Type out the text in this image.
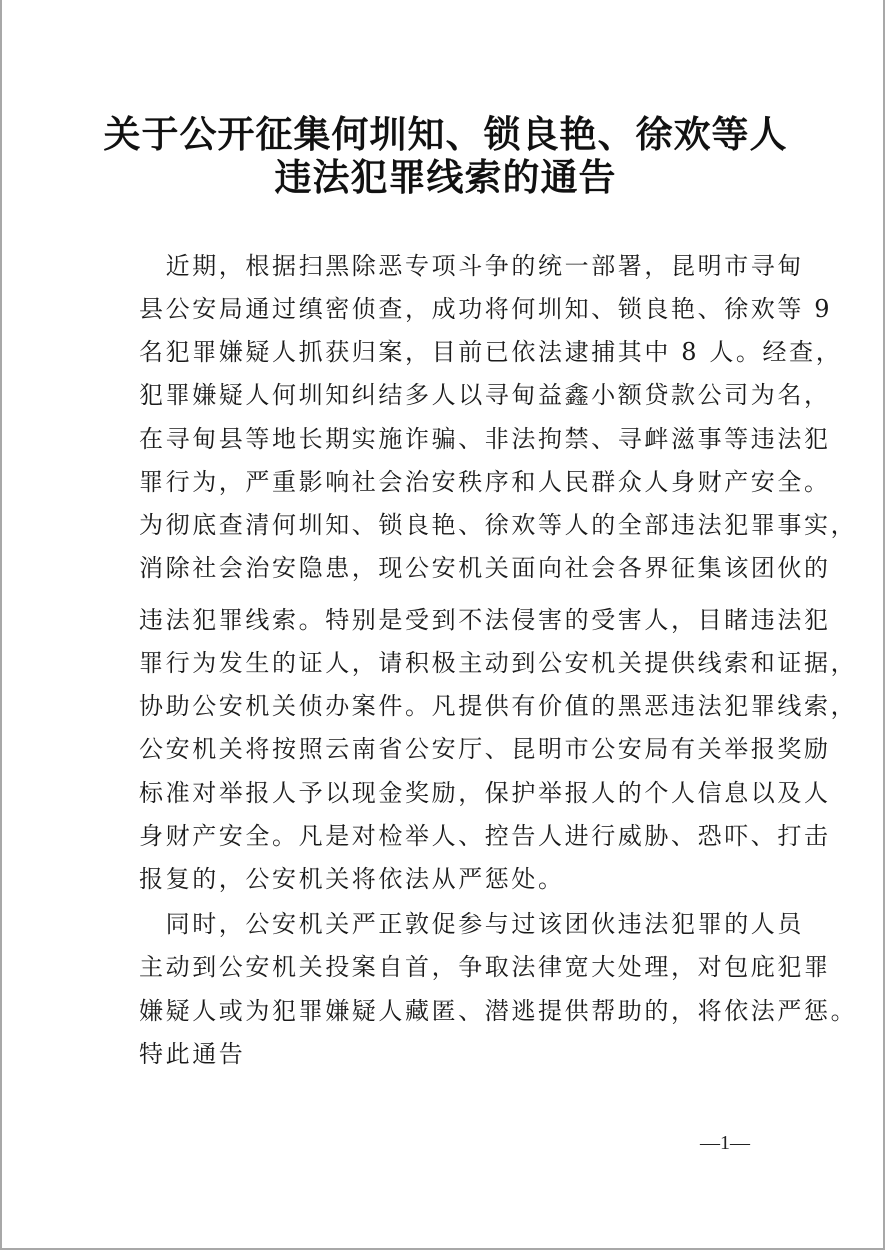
关于公开征集何圳知、锁良艳、徐欢等人
违法犯罪线索的通告
　近期，根据扫黑除恶专项斗争的统一部署，昆明市寻甸
县公安局通过缜密侦查，成功将何圳知、锁良艳、徐欢等 9
名犯罪嫌疑人抓获归案，目前已依法逮捕其中 8 人。经查，
犯罪嫌疑人何圳知纠结多人以寻甸益鑫小额贷款公司为名，
在寻甸县等地长期实施诈骗、非法拘禁、寻衅滋事等违法犯
罪行为，严重影响社会治安秩序和人民群众人身财产安全。
为彻底查清何圳知、锁良艳、徐欢等人的全部违法犯罪事实，
消除社会治安隐患，现公安机关面向社会各界征集该团伙的
违法犯罪线索。特别是受到不法侵害的受害人，目睹违法犯
罪行为发生的证人，请积极主动到公安机关提供线索和证据，
协助公安机关侦办案件。凡提供有价值的黑恶违法犯罪线索，
公安机关将按照云南省公安厅、昆明市公安局有关举报奖励
标准对举报人予以现金奖励，保护举报人的个人信息以及人
身财产安全。凡是对检举人、控告人进行威胁、恐吓、打击
报复的，公安机关将依法从严惩处。
　同时，公安机关严正敦促参与过该团伙违法犯罪的人员
主动到公安机关投案自首，争取法律宽大处理，对包庇犯罪
嫌疑人或为犯罪嫌疑人藏匿、潜逃提供帮助的，将依法严惩。
特此通告
—1—
